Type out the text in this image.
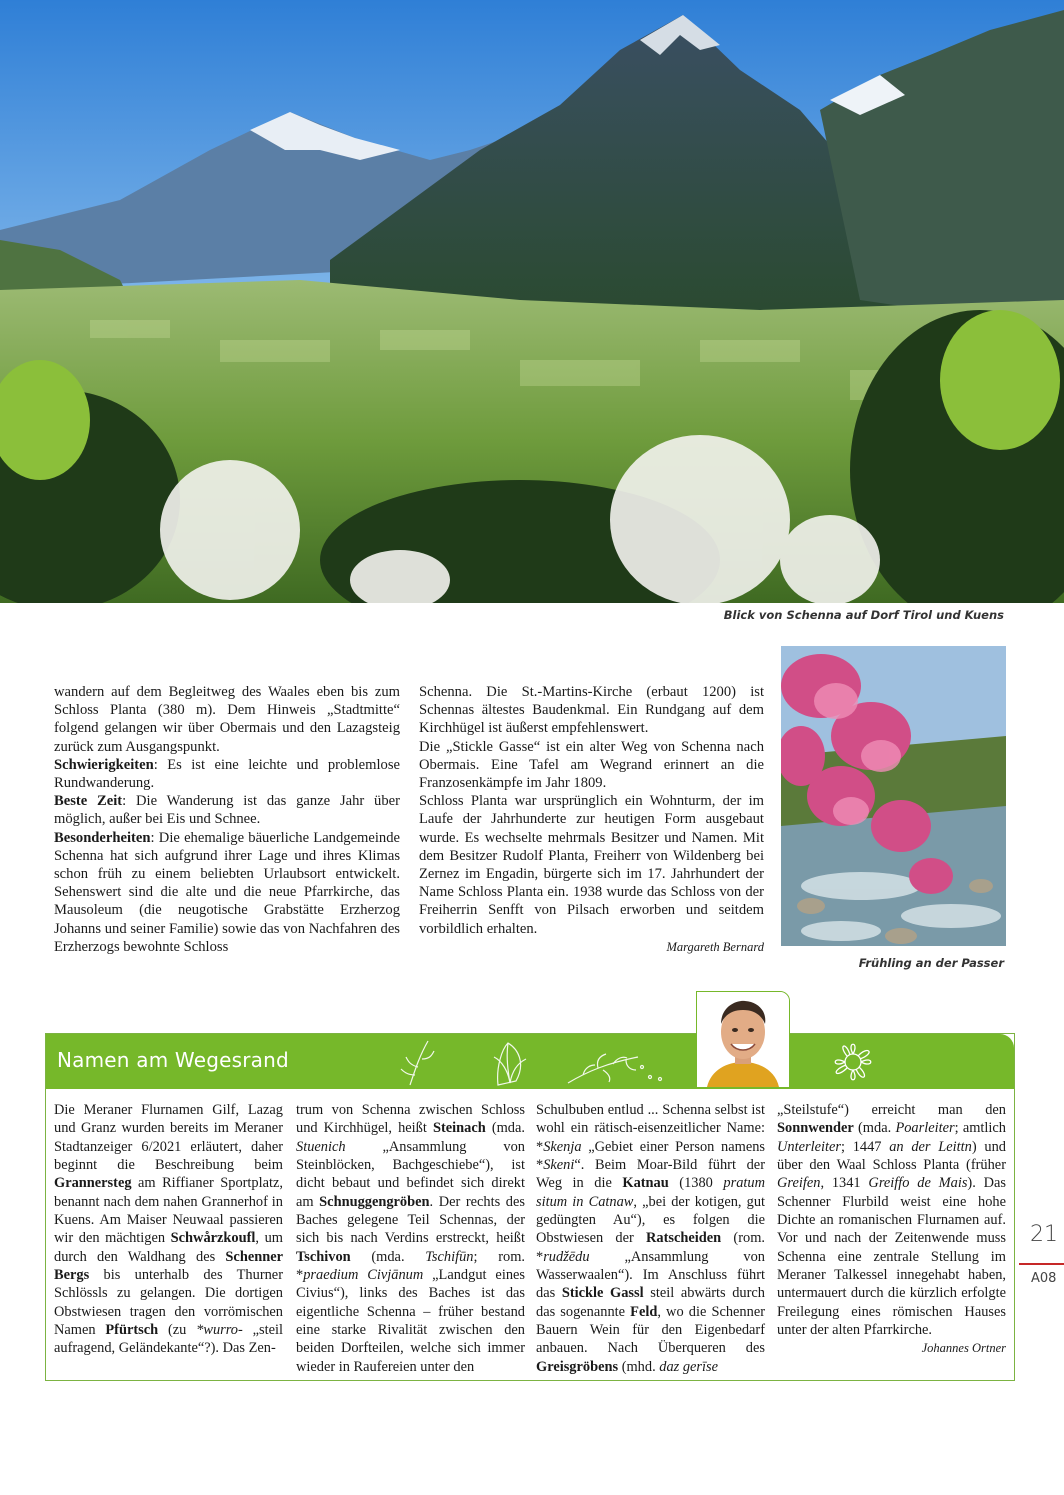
Blick von Schenna auf Dorf Tirol und Kuens

wandern auf dem Begleitweg des Waales eben bis zum Schloss Planta (380 m). Dem Hinweis „Stadtmitte“ folgend gelangen wir über Obermais und den Lazagsteig zurück zum Ausgangspunkt.

Schwierigkeiten: Es ist eine leichte und problemlose Rundwanderung.

Beste Zeit: Die Wanderung ist das ganze Jahr über möglich, außer bei Eis und Schnee.

Besonderheiten: Die ehemalige bäuerliche Landgemeinde Schenna hat sich aufgrund ihrer Lage und ihres Klimas schon früh zu einem beliebten Urlaubsort entwickelt. Sehenswert sind die alte und die neue Pfarrkirche, das Mausoleum (die neugotische Grabstätte Erzherzog Johanns und seiner Familie) sowie das von Nachfahren des Erzherzogs bewohnte Schloss

Schenna. Die St.-Martins-Kirche (erbaut 1200) ist Schennas ältestes Baudenkmal. Ein Rundgang auf dem Kirchhügel ist äußerst empfehlenswert.

Die „Stickle Gasse“ ist ein alter Weg von Schenna nach Obermais. Eine Tafel am Wegrand erinnert an die Franzosenkämpfe im Jahr 1809.

Schloss Planta war ursprünglich ein Wohnturm, der im Laufe der Jahrhunderte zur heutigen Form ausgebaut wurde. Es wechselte mehrmals Besitzer und Namen. Mit dem Besitzer Rudolf Planta, Freiherr von Wildenberg bei Zernez im Engadin, bürgerte sich im 17. Jahrhundert der Name Schloss Planta ein. 1938 wurde das Schloss von der Freiherrin Senfft von Pilsach erworben und seitdem vorbildlich erhalten.

Margareth Bernard

Frühling an der Passer
Namen am Wegesrand

Die Meraner Flurnamen Gilf, Lazag und Granz wurden bereits im Meraner Stadtanzeiger 6/2021 erläutert, daher beginnt die Beschreibung beim Grannersteg am Riffianer Sportplatz, benannt nach dem nahen Grannerhof in Kuens. Am Maiser Neuwaal passieren wir den mächtigen Schwårzkoufl, um durch den Waldhang des Schenner Bergs bis unterhalb des Thurner Schlössls zu gelangen. Die dortigen Obstwiesen tragen den vorrömischen Namen Pfürtsch (zu *wurro- „steil aufragend, Geländekante“?). Das Zen-

trum von Schenna zwischen Schloss und Kirchhügel, heißt Steinach (mda. Stuenich „Ansammlung von Steinblöcken, Bachgeschiebe“), ist dicht bebaut und befindet sich direkt am Schnuggengröben. Der rechts des Baches gelegene Teil Schennas, der sich bis nach Verdins erstreckt, heißt Tschivon (mda. Tschifūn; rom. *praedium Civjānum „Landgut eines Civius“), links des Baches ist das eigentliche Schenna – früher bestand eine starke Rivalität zwischen den beiden Dorfteilen, welche sich immer wieder in Raufereien unter den

Schulbuben entlud ... Schenna selbst ist wohl ein rätisch-eisenzeitlicher Name: *Skenja „Gebiet einer Person namens *Skeni“. Beim Moar-Bild führt der Weg in die Katnau (1380 pratum situm in Catnaw, „bei der kotigen, gut gedüngten Au“), es folgen die Obstwiesen der Ratscheiden (rom. *rudžēdu „Ansammlung von Wasserwaalen“). Im Anschluss führt das Stickle Gassl steil abwärts durch das sogenannte Feld, wo die Schenner Bauern Wein für den Eigenbedarf anbauen. Nach Überqueren des Greisgröbens (mhd. daz gerīse

„Steilstufe“) erreicht man den Sonnwender (mda. Poarleiter; amtlich Unterleiter; 1447 an der Leittn) und über den Waal Schloss Planta (früher Greifen, 1341 Greiffo de Mais). Das Schenner Flurbild weist eine hohe Dichte an romanischen Flurnamen auf. Vor und nach der Zeitenwende muss Schenna eine zentrale Stellung im Meraner Talkessel innegehabt haben, untermauert durch die kürzlich erfolgte Freilegung eines römischen Hauses unter der alten Pfarrkirche.

Johannes Ortner

21
A08
